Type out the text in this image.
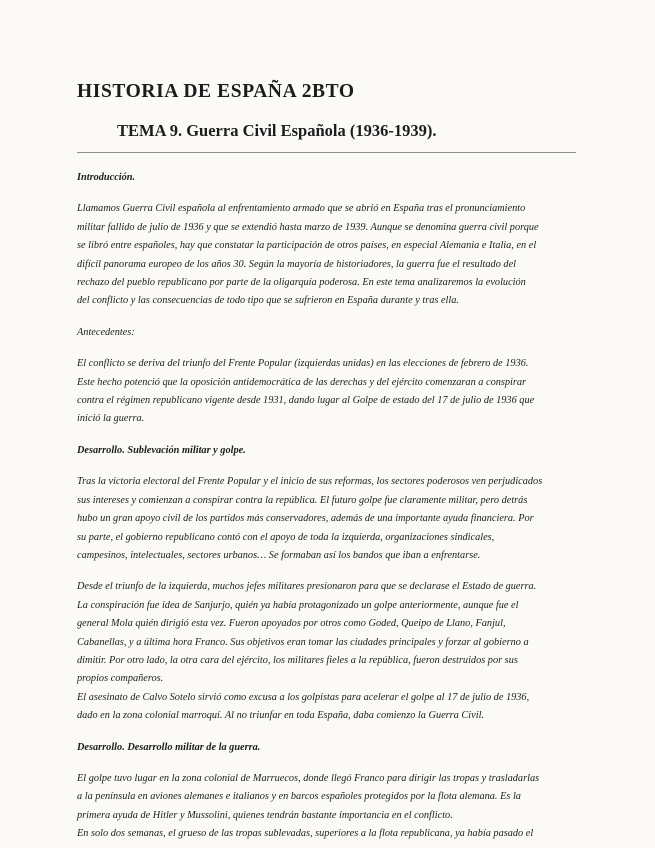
HISTORIA DE ESPAÑA 2BTO
TEMA 9. Guerra Civil Española (1936-1939).

Introducción.

Llamamos Guerra Civil española al enfrentamiento armado que se abrió en España tras el pronunciamiento

militar fallido de julio de 1936 y que se extendió hasta marzo de 1939. Aunque se denomina guerra civil porque

se libró entre españoles, hay que constatar la participación de otros países, en especial Alemania e Italia, en el

difícil panorama europeo de los años 30. Según la mayoría de historiadores, la guerra fue el resultado del

rechazo del pueblo republicano por parte de la oligarquía poderosa. En este tema analizaremos la evolución

del conflicto y las consecuencias de todo tipo que se sufrieron en España durante y tras ella.

Antecedentes:

El conflicto se deriva del triunfo del Frente Popular (izquierdas unidas) en las elecciones de febrero de 1936.

Este hecho potenció que la oposición antidemocrática de las derechas y del ejército comenzaran a conspirar

contra el régimen republicano vigente desde 1931, dando lugar al Golpe de estado del 17 de julio de 1936 que

inició la guerra.

Desarrollo. Sublevación militar y golpe.

Tras la victoria electoral del Frente Popular y el inicio de sus reformas, los sectores poderosos ven perjudicados

sus intereses y comienzan a conspirar contra la república. El futuro golpe fue claramente militar, pero detrás

hubo un gran apoyo civil de los partidos más conservadores, además de una importante ayuda financiera. Por

su parte, el gobierno republicano contó con el apoyo de toda la izquierda, organizaciones sindicales,

campesinos, intelectuales, sectores urbanos… Se formaban así los bandos que iban a enfrentarse.

Desde el triunfo de la izquierda, muchos jefes militares presionaron para que se declarase el Estado de guerra.

La conspiración fue idea de Sanjurjo, quién ya había protagonizado un golpe anteriormente, aunque fue el

general Mola quién dirigió esta vez. Fueron apoyados por otros como Goded, Queipo de Llano, Fanjul,

Cabanellas, y a última hora Franco. Sus objetivos eran tomar las ciudades principales y forzar al gobierno a

dimitir. Por otro lado, la otra cara del ejército, los militares fieles a la república, fueron destruidos por sus

propios compañeros.

El asesinato de Calvo Sotelo sirvió como excusa a los golpistas para acelerar el golpe al 17 de julio de 1936,

dado en la zona colonial marroquí. Al no triunfar en toda España, daba comienzo la Guerra Civil.

Desarrollo. Desarrollo militar de la guerra.

El golpe tuvo lugar en la zona colonial de Marruecos, donde llegó Franco para dirigir las tropas y trasladarlas

a la península en aviones alemanes e italianos y en barcos españoles protegidos por la flota alemana. Es la

primera ayuda de Hitler y Mussolini, quienes tendrán bastante importancia en el conflicto.

En solo dos semanas, el grueso de las tropas sublevadas, superiores a la flota republicana, ya había pasado el
